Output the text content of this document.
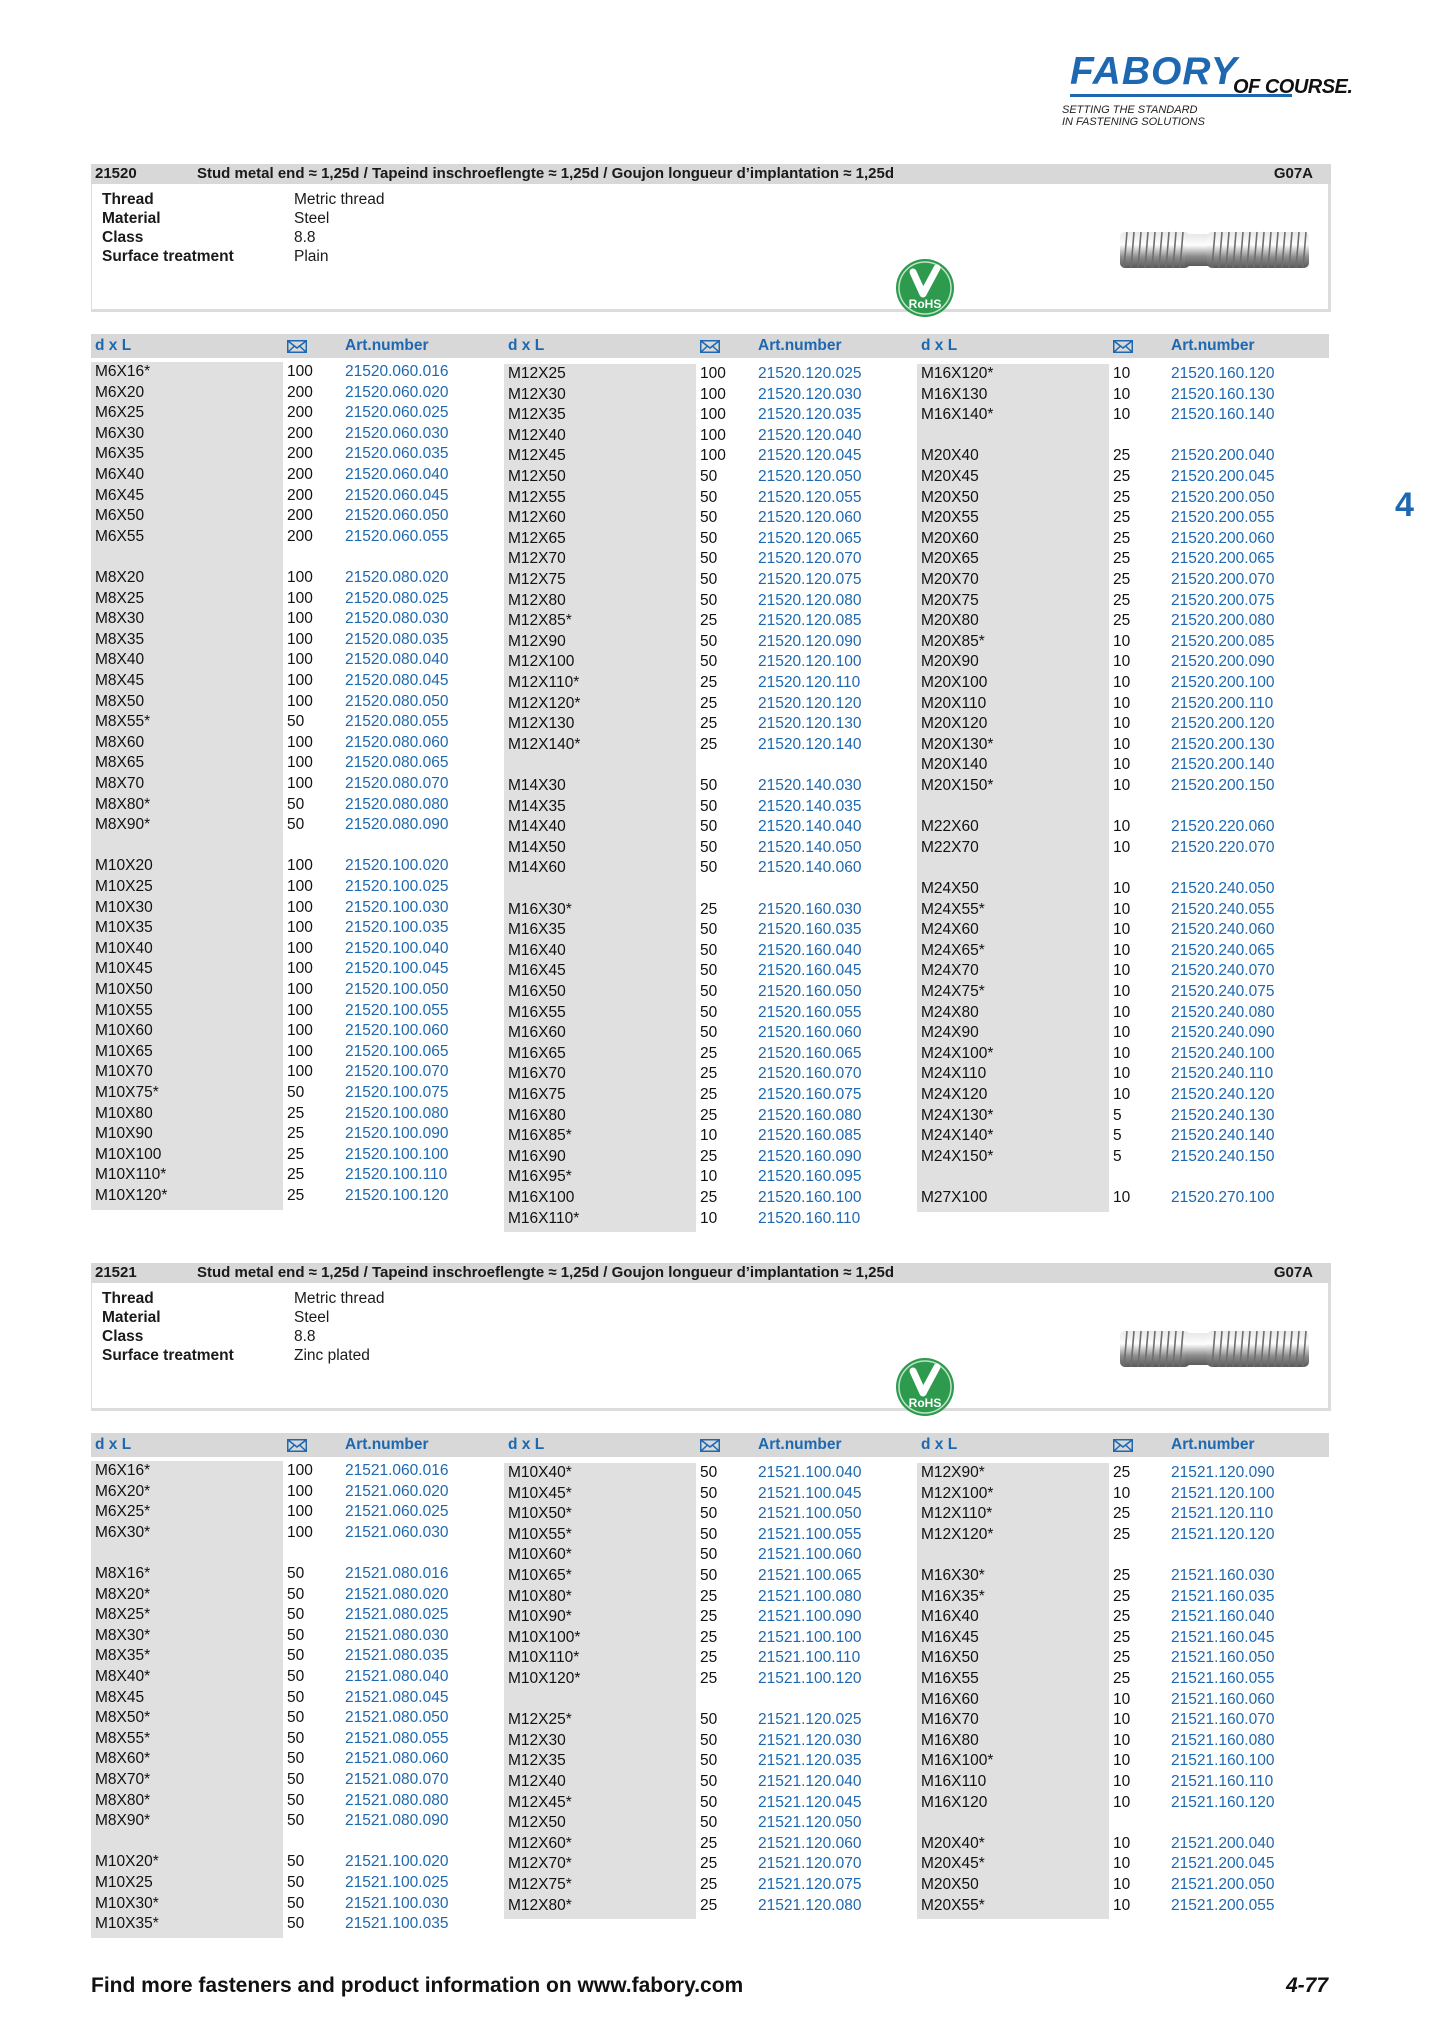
FABORY
OF COURSE.
SETTING THE STANDARD
IN FASTENING SOLUTIONS
4
21520	Stud metal end ≈ 1,25d / Tapeind inschroeflengte ≈ 1,25d / Goujon longueur d’implantation ≈ 1,25d	G07A
Thread	Metric thread
Material	Steel
Class	8.8
Surface treatment	Plain
RoHS
d x L	Art.number
M6X16*	100 21520.060.016
M6X20	200 21520.060.020
M6X25	200 21520.060.025
M6X30	200 21520.060.030
M6X35	200 21520.060.035
M6X40	200 21520.060.040
M6X45	200 21520.060.045
M6X50	200 21520.060.050
M6X55	200 21520.060.055
M8X20	100 21520.080.020
M8X25	100 21520.080.025
M8X30	100 21520.080.030
M8X35	100 21520.080.035
M8X40	100 21520.080.040
M8X45	100 21520.080.045
M8X50	100 21520.080.050
M8X55*	50	21520.080.055
M8X60	100 21520.080.060
M8X65	100 21520.080.065
M8X70	100 21520.080.070
M8X80*	50	21520.080.080
M8X90*	50	21520.080.090
M10X20	100 21520.100.020
M10X25	100 21520.100.025
M10X30	100 21520.100.030
M10X35	100 21520.100.035
M10X40	100 21520.100.040
M10X45	100 21520.100.045
M10X50	100 21520.100.050
M10X55	100 21520.100.055
M10X60	100 21520.100.060
M10X65	100 21520.100.065
M10X70	100 21520.100.070
M10X75*	50	21520.100.075
M10X80	25	21520.100.080
M10X90	25	21520.100.090
M10X100	25	21520.100.100
M10X110*	25	21520.100.110
M10X120*	25	21520.100.120
d x L	Art.number
M12X25	100 21520.120.025
M12X30	100 21520.120.030
M12X35	100 21520.120.035
M12X40	100 21520.120.040
M12X45	100 21520.120.045
M12X50	50	21520.120.050
M12X55	50	21520.120.055
M12X60	50	21520.120.060
M12X65	50	21520.120.065
M12X70	50	21520.120.070
M12X75	50	21520.120.075
M12X80	50	21520.120.080
M12X85*	25	21520.120.085
M12X90	50	21520.120.090
M12X100	50	21520.120.100
M12X110*	25	21520.120.110
M12X120*	25	21520.120.120
M12X130	25	21520.120.130
M12X140*	25	21520.120.140
M14X30	50	21520.140.030
M14X35	50	21520.140.035
M14X40	50	21520.140.040
M14X50	50	21520.140.050
M14X60	50	21520.140.060
M16X30*	25	21520.160.030
M16X35	50	21520.160.035
M16X40	50	21520.160.040
M16X45	50	21520.160.045
M16X50	50	21520.160.050
M16X55	50	21520.160.055
M16X60	50	21520.160.060
M16X65	25	21520.160.065
M16X70	25	21520.160.070
M16X75	25	21520.160.075
M16X80	25	21520.160.080
M16X85*	10	21520.160.085
M16X90	25	21520.160.090
M16X95*	10	21520.160.095
M16X100	25	21520.160.100
M16X110*	10	21520.160.110
d x L	Art.number
M16X120*	10	21520.160.120
M16X130	10	21520.160.130
M16X140*	10	21520.160.140
M20X40	25	21520.200.040
M20X45	25	21520.200.045
M20X50	25	21520.200.050
M20X55	25	21520.200.055
M20X60	25	21520.200.060
M20X65	25	21520.200.065
M20X70	25	21520.200.070
M20X75	25	21520.200.075
M20X80	25	21520.200.080
M20X85*	10	21520.200.085
M20X90	10	21520.200.090
M20X100	10	21520.200.100
M20X110	10	21520.200.110
M20X120	10	21520.200.120
M20X130*	10	21520.200.130
M20X140	10	21520.200.140
M20X150*	10	21520.200.150
M22X60	10	21520.220.060
M22X70	10	21520.220.070
M24X50	10	21520.240.050
M24X55*	10	21520.240.055
M24X60	10	21520.240.060
M24X65*	10	21520.240.065
M24X70	10	21520.240.070
M24X75*	10	21520.240.075
M24X80	10	21520.240.080
M24X90	10	21520.240.090
M24X100*	10	21520.240.100
M24X110	10	21520.240.110
M24X120	10	21520.240.120
M24X130*	5	21520.240.130
M24X140*	5	21520.240.140
M24X150*	5	21520.240.150
M27X100	10	21520.270.100
21521	Stud metal end ≈ 1,25d / Tapeind inschroeflengte ≈ 1,25d / Goujon longueur d’implantation ≈ 1,25d	G07A
Thread	Metric thread
Material	Steel
Class	8.8
Surface treatment	Zinc plated
RoHS
d x L	Art.number
M6X16*	100 21521.060.016
M6X20*	100 21521.060.020
M6X25*	100 21521.060.025
M6X30*	100 21521.060.030
M8X16*	50	21521.080.016
M8X20*	50	21521.080.020
M8X25*	50	21521.080.025
M8X30*	50	21521.080.030
M8X35*	50	21521.080.035
M8X40*	50	21521.080.040
M8X45	50	21521.080.045
M8X50*	50	21521.080.050
M8X55*	50	21521.080.055
M8X60*	50	21521.080.060
M8X70*	50	21521.080.070
M8X80*	50	21521.080.080
M8X90*	50	21521.080.090
M10X20*	50	21521.100.020
M10X25	50	21521.100.025
M10X30*	50	21521.100.030
M10X35*	50	21521.100.035
d x L	Art.number
M10X40*	50	21521.100.040
M10X45*	50	21521.100.045
M10X50*	50	21521.100.050
M10X55*	50	21521.100.055
M10X60*	50	21521.100.060
M10X65*	50	21521.100.065
M10X80*	25	21521.100.080
M10X90*	25	21521.100.090
M10X100*	25	21521.100.100
M10X110*	25	21521.100.110
M10X120*	25	21521.100.120
M12X25*	50	21521.120.025
M12X30	50	21521.120.030
M12X35	50	21521.120.035
M12X40	50	21521.120.040
M12X45*	50	21521.120.045
M12X50	50	21521.120.050
M12X60*	25	21521.120.060
M12X70*	25	21521.120.070
M12X75*	25	21521.120.075
M12X80*	25	21521.120.080
d x L	Art.number
M12X90*	25	21521.120.090
M12X100*	10	21521.120.100
M12X110*	25	21521.120.110
M12X120*	25	21521.120.120
M16X30*	25	21521.160.030
M16X35*	25	21521.160.035
M16X40	25	21521.160.040
M16X45	25	21521.160.045
M16X50	25	21521.160.050
M16X55	25	21521.160.055
M16X60	10	21521.160.060
M16X70	10	21521.160.070
M16X80	10	21521.160.080
M16X100*	10	21521.160.100
M16X110	10	21521.160.110
M16X120	10	21521.160.120
M20X40*	10	21521.200.040
M20X45*	10	21521.200.045
M20X50	10	21521.200.050
M20X55*	10	21521.200.055
Find more fasteners and product information on www.fabory.com	4-77
